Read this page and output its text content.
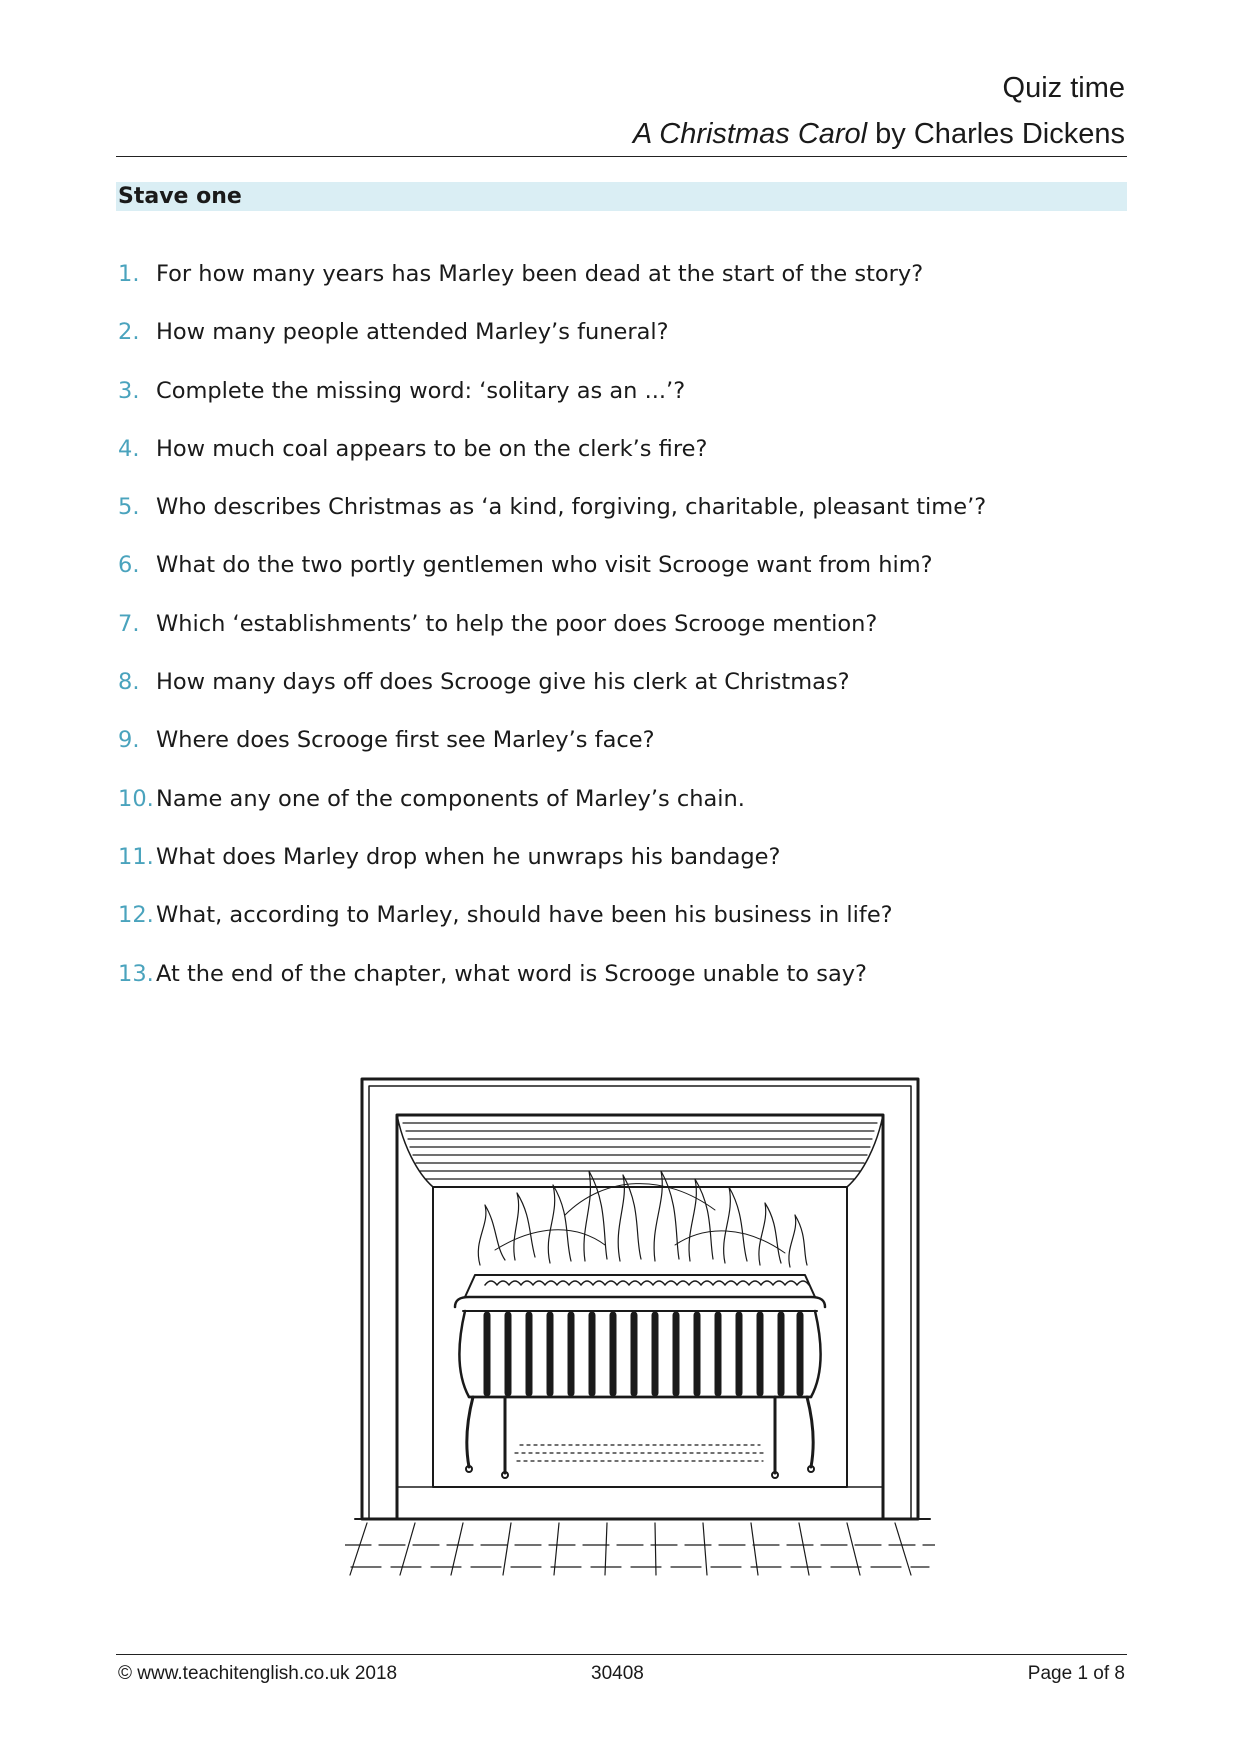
Quiz time
A Christmas Carol by Charles Dickens
Stave one
1. For how many years has Marley been dead at the start of the story?
2. How many people attended Marley’s funeral?
3. Complete the missing word: ‘solitary as an ...’?
4. How much coal appears to be on the clerk’s fire?
5. Who describes Christmas as ‘a kind, forgiving, charitable, pleasant time’?
6. What do the two portly gentlemen who visit Scrooge want from him?
7. Which ‘establishments’ to help the poor does Scrooge mention?
8. How many days off does Scrooge give his clerk at Christmas?
9. Where does Scrooge first see Marley’s face?
10. Name any one of the components of Marley’s chain.
11. What does Marley drop when he unwraps his bandage?
12. What, according to Marley, should have been his business in life?
13. At the end of the chapter, what word is Scrooge unable to say?
© www.teachitenglish.co.uk 2018	30408	Page 1 of 8
